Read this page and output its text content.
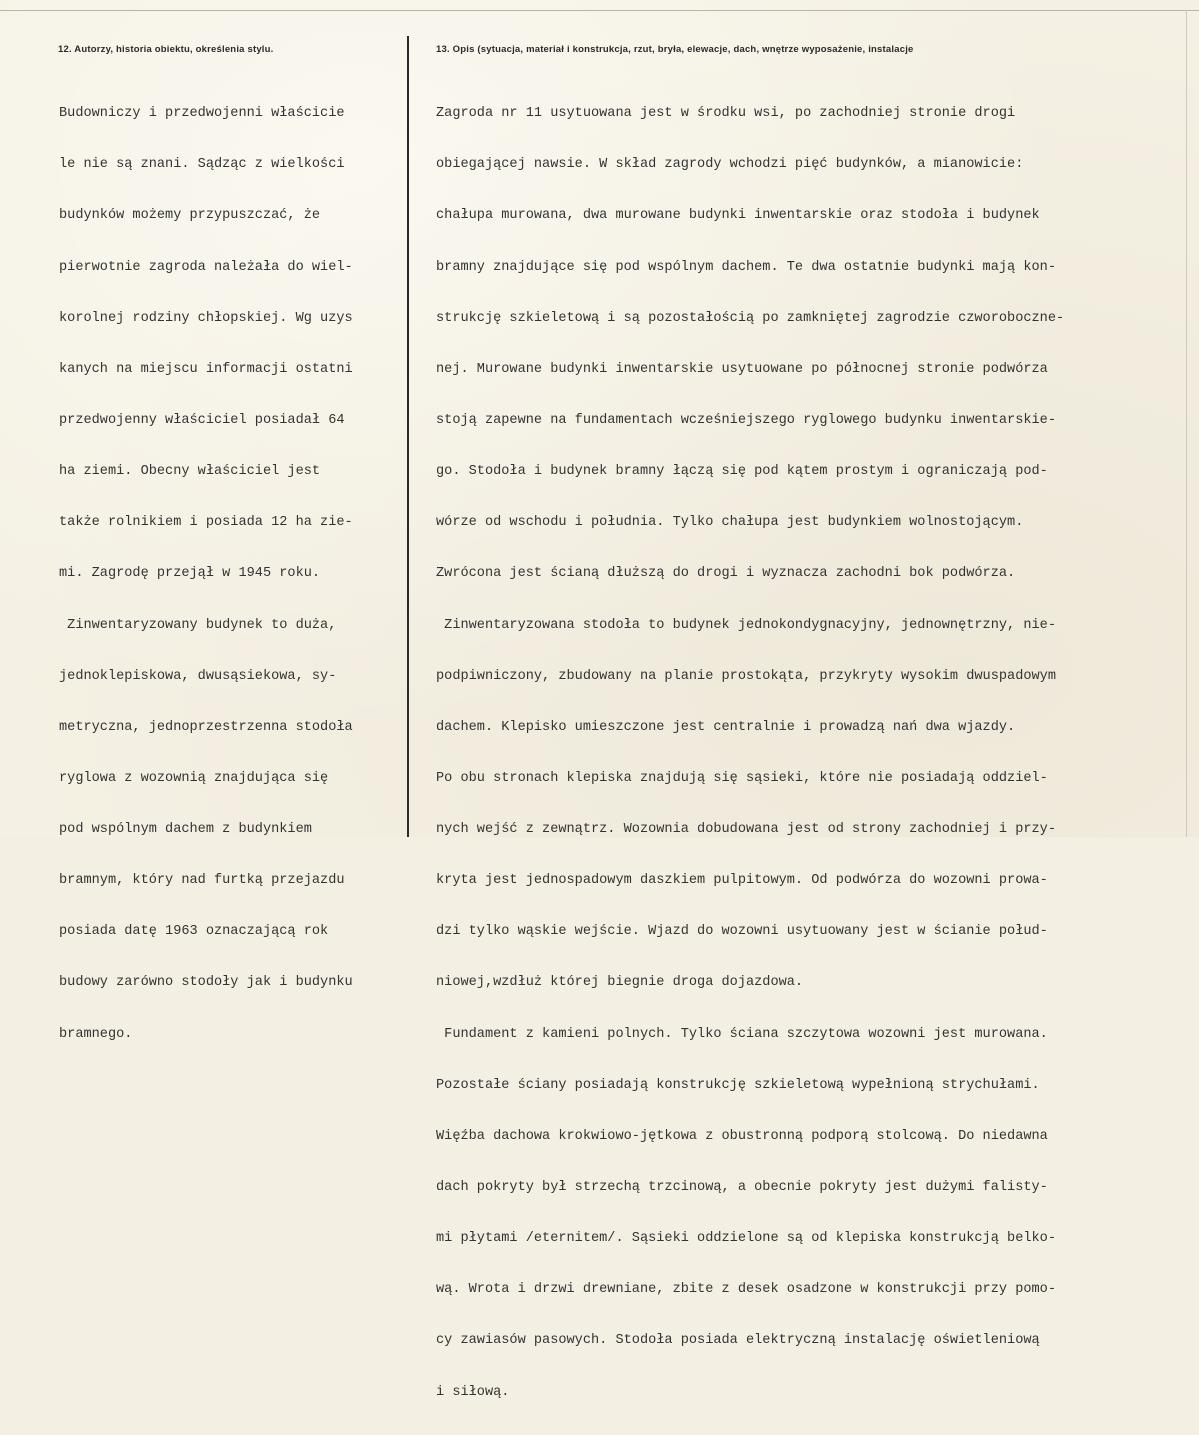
12. Autorzy, historia obiektu, określenia stylu.	13. Opis (sytuacja, materiał i konstrukcja, rzut, bryła, elewacje, dach, wnętrze wyposażenie, instalacje

Budowniczy i przedwojenni właścicie

le nie są znani. Sądząc z wielkości

budynków możemy przypuszczać, że

pierwotnie zagroda należała do wiel-

korolnej rodziny chłopskiej. Wg uzys

kanych na miejscu informacji ostatni

przedwojenny właściciel posiadał 64

ha ziemi. Obecny właściciel jest

także rolnikiem i posiada 12 ha zie-

mi. Zagrodę przejął w 1945 roku.

Zinwentaryzowany budynek to duża,

jednoklepiskowa, dwusąsiekowa, sy-

metryczna, jednoprzestrzenna stodoła

ryglowa z wozownią znajdująca się

pod wspólnym dachem z budynkiem

bramnym, który nad furtką przejazdu

posiada datę 1963 oznaczającą rok

budowy zarówno stodoły jak i budynku

bramnego.

Zagroda nr 11 usytuowana jest w środku wsi, po zachodniej stronie drogi

obiegającej nawsie. W skład zagrody wchodzi pięć budynków, a mianowicie:

chałupa murowana, dwa murowane budynki inwentarskie oraz stodoła i budynek

bramny znajdujące się pod wspólnym dachem. Te dwa ostatnie budynki mają kon-

strukcję szkieletową i są pozostałością po zamkniętej zagrodzie czworoboczne-

nej. Murowane budynki inwentarskie usytuowane po północnej stronie podwórza

stoją zapewne na fundamentach wcześniejszego ryglowego budynku inwentarskie-

go. Stodoła i budynek bramny łączą się pod kątem prostym i ograniczają pod-

wórze od wschodu i południa. Tylko chałupa jest budynkiem wolnostojącym.

Zwrócona jest ścianą dłuższą do drogi i wyznacza zachodni bok podwórza.

Zinwentaryzowana stodoła to budynek jednokondygnacyjny, jednownętrzny, nie-

podpiwniczony, zbudowany na planie prostokąta, przykryty wysokim dwuspadowym

dachem. Klepisko umieszczone jest centralnie i prowadzą nań dwa wjazdy.

Po obu stronach klepiska znajdują się sąsieki, które nie posiadają oddziel-

nych wejść z zewnątrz. Wozownia dobudowana jest od strony zachodniej i przy-

kryta jest jednospadowym daszkiem pulpitowym. Od podwórza do wozowni prowa-

dzi tylko wąskie wejście. Wjazd do wozowni usytuowany jest w ścianie połud-

niowej,wzdłuż której biegnie droga dojazdowa.

Fundament z kamieni polnych. Tylko ściana szczytowa wozowni jest murowana.

Pozostałe ściany posiadają konstrukcję szkieletową wypełnioną strychułami.

Więźba dachowa krokwiowo-jętkowa z obustronną podporą stolcową. Do niedawna

dach pokryty był strzechą trzcinową, a obecnie pokryty jest dużymi falisty-

mi płytami /eternitem/. Sąsieki oddzielone są od klepiska konstrukcją belko-

wą. Wrota i drzwi drewniane, zbite z desek osadzone w konstrukcji przy pomo-

cy zawiasów pasowych. Stodoła posiada elektryczną instalację oświetleniową

i siłową.
